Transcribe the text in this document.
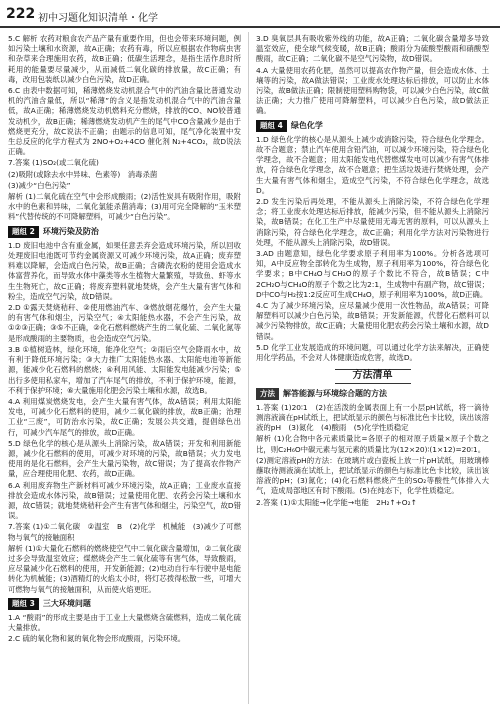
222 初中习题化知识清单・化学

5.C 解析 农药对粮食农产品产量有重要作用，但也会带来环境问题，例如污染土壤和水资源，故A正确；农药有毒，所以应根据农作物病虫害和杂草来合理施用农药，故B正确；低碳生活理念，是指生活作息时所耗用的能量要尽量减少，从而减低二氧化碳的排放量，故C正确；有毒，改用包装纸以减少白色污染，故D正确。

6.C 由表中数据可知，稀薄燃烧发动机混合气中的汽油含量比普通发动机的汽油含量低，所以“稀薄”的含义是指发动机混合气中的汽油含量低，故A正确；稀薄燃烧发动机燃料充分燃烧，排放的CO、NO较普通发动机少，故B正确；稀薄燃烧发动机产生的尾气中CO含量减少是由于燃烧更充分，故C说法不正确；由题示的信息可知，尾气净化装置中发生总反应的化学方程式为 2NO+O₂+4CO 催化剂 N₂+4CO₂，故D说法正确。

7.答案 (1)SO₂(或二氧化硫)

(2)吸附(或除去水中异味、色素等)　消毒杀菌

(3)减少“白色污染”

解析 (1)二氧化硫在空气中会形成酸雨；(2)活性炭具有吸附作用，吸附水中的色素和异味，二氧化氯能杀菌消毒；(3)用可完全降解的“玉米塑料”代替传统的不可降解塑料，可减少“白色污染”。

题组 2	环境污染及防治

1.D 废旧电池中含有重金属，如果任意丢弃会造成环境污染，所以回收处理废旧电池既可节约金属资源又可减少环境污染，故A正确；废弃塑料难以降解，会造成白色污染，故B正确；含磷洗衣粉的使用会造成水体富营养化，而导致水体中藻类等水生植物大量繁殖，导致鱼、虾等水生生物死亡，故C正确；将废弃塑料就地焚烧，会产生大量有害气体和粉尘，造成空气污染，故D错误。

2.D ①露天焚烧秸秆、②使用燃油汽车、③燃放烟花爆竹，会产生大量的有害气体和烟尘，污染空气；④太阳能热水器，不会产生污染，故①②③正确；③⑤不正确，②化石燃料燃烧产生的二氧化硫、二氧化氮等是形成酸雨的主要物质，也会造成空气污染。

3.B ①植树造林，绿化环境，能净化空气；②雨后空气会降雨水中，故有利于降低环境污染；③大力推广太阳能热水器、太阳能电池等新能源，能减少化石燃料的燃烧；④利用风能、太阳能发电能减少污染；⑤出行多使用私家车，增加了汽车尾气的排放，不利于保护环境，能源，不利于保护环境；⑥大量施用化肥会污染土壤和水源，故选B。

4.A 利用煤炭燃烧发电，会产生大量有害气体，故A错误；利用太阳能发电，可减少化石燃料的使用，减少二氧化碳的排放，故B正确；治理工业“三废”，可防治水污染，故C正确；发展公共交通，提倡绿色出行，可减少汽车尾气的排放，故D正确。

5.D 绿色化学的核心是从源头上消除污染，故A错误；开发和利用新能源，减少化石燃料的使用，可减少对环境的污染，故B错误；火力发电使用的是化石燃料，会产生大量污染物，故C错误；为了提高农作物产量，应合理使用化肥、农药，故D正确。

6.A 利用废弃物生产新材料可减少环境污染，故A正确；工业废水直接排放会造成水体污染，故B错误；过量使用化肥、农药会污染土壤和水源，故C错误；就地焚烧秸秆会产生有害气体和烟尘，污染空气，故D错误。

7.答案 (1)①二氧化碳　②温室　B　(2)化学　机械能　(3)减少了可燃物与氧气的接触面积

解析 (1)①大量化石燃料的燃烧使空气中二氧化碳含量增加，②二氧化碳过多会导致温室效应；煤燃烧会产生二氧化硫等有害气体，导致酸雨，应尽量减少化石燃料的使用，开发新能源；(2)电动自行车行驶中是电能转化为机械能；(3)酒精灯的火焰太小时，将灯芯拨得松散一些，可增大可燃物与氧气的接触面积，从而使火焰更旺。

题组 3	三大环境问题

1.A “酸雨”的形成主要是由于工业上大量燃烧含硫燃料，造成二氧化硫大量排放。

2.C 硫的氧化物和氮的氧化物会形成酸雨，污染环境。

3.D 臭氧层具有吸收紫外线的功能，故A正确；二氧化碳含量增多导致温室效应，使全球气候变暖，故B正确；酸雨分为硫酸型酸雨和硝酸型酸雨，故C正确；二氧化碳不是空气污染物，故D错误。

4.A 大量使用农药化肥，虽然可以提高农作物产量，但会造成水体、土壤等的污染，故A做法错误；工业废水处理达标后排放，可以防止水体污染，故B做法正确；限制使用塑料购物袋，可以减少白色污染，故C做法正确；大力推广使用可降解塑料，可以减少白色污染，故D做法正确。

题组 4	绿色化学

1.D 绿色化学的核心是从源头上减少或消除污染，符合绿色化学理念。故不合题意；禁止汽车使用含铅汽油，可以减少环境污染，符合绿色化学理念，故不合题意；用太阳能发电代替燃煤发电可以减少有害气体排放，符合绿色化学理念，故不合题意；把生活垃圾进行焚烧处理，会产生大量有害气体和烟尘，造成空气污染，不符合绿色化学理念，故选D。

2.D 发生污染后再处理，不能从源头上消除污染，不符合绿色化学理念；将工业废水处理达标后排放，能减少污染，但不能从源头上消除污染，故B错误；在化工生产中尽量使用无毒无害的原料，可以从源头上消除污染，符合绿色化学理念，故C正确；利用化学方法对污染物进行处理，不能从源头上消除污染，故D错误。

3.AD 由题意知，绿色化学要求原子利用率为100%。分析各选项可知，A中反应物全部转化为生成物，原子利用率为100%，符合绿色化学要求；B中CH₄O与CH₂O的原子个数比不符合，故B错误；C中2CH₂O与CH₄O的原子个数之比为2:1，生成物中有副产物，故C错误；D中CO与H₂按1:2反应可生成CH₄O，原子利用率为100%，故D正确。

4.C 为了减少环境污染，应尽量减少使用一次性物品，故A错误；可降解塑料可以减少白色污染，故B错误；开发新能源，代替化石燃料可以减少污染物排放，故C正确；大量使用化肥农药会污染土壤和水源，故D错误。

5.D 化学工业发展造成的环境问题，可以通过化学方法来解决，正确使用化学药品，不会对人体健康造成危害，故选D。

方法清单
方法	解答能源与环境综合题的方法

1.答案 (1)20∶1　(2)在活泼的金属表面上有一小层pH试纸，将一滴待测溶液滴在pH试纸上，把试纸显示的颜色与标准比色卡比较，读出该溶液的pH　(3)氮化　(4)酸雨　(5)化学性质稳定

解析 (1)化合物中各元素质量比=各原子的相对原子质量×原子个数之比，则C₂H₆O中碳元素与氢元素的质量比为(12×20)∶(1×12)=20∶1。

(2)测定溶液pH的方法：在玻璃片或白瓷板上放一片pH试纸，用玻璃棒蘸取待测液滴在试纸上，把试纸显示的颜色与标准比色卡比较，读出该溶液的pH；(3)氮化；(4)化石燃料燃烧产生的SO₂等酸性气体排入大气，造成局部地区有时下酸雨。(5)在纯态下，化学性质稳定。

2.答案 (1)①太阳能→化学能→电能　2H₂↑+O₂↑
